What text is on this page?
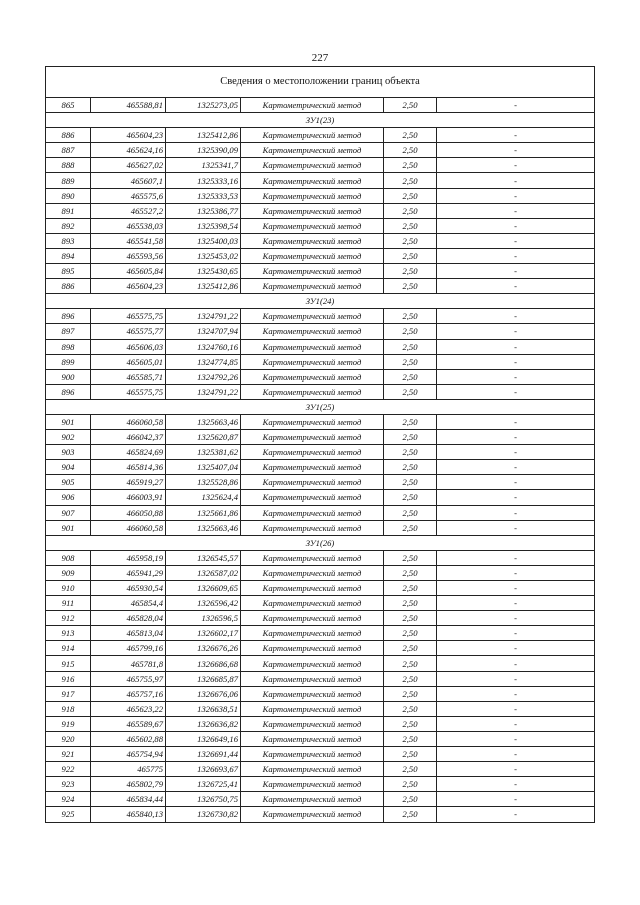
227
Сведения о местоположении границ объекта					
865	465588,81	1325273,05	Картометрический метод	2,50	-
ЗУ1(23)					
886	465604,23	1325412,86	Картометрический метод	2,50	-
887	465624,16	1325390,09	Картометрический метод	2,50	-
888	465627,02	1325341,7	Картометрический метод	2,50	-
889	465607,1	1325333,16	Картометрический метод	2,50	-
890	465575,6	1325333,53	Картометрический метод	2,50	-
891	465527,2	1325386,77	Картометрический метод	2,50	-
892	465538,03	1325398,54	Картометрический метод	2,50	-
893	465541,58	1325400,03	Картометрический метод	2,50	-
894	465593,56	1325453,02	Картометрический метод	2,50	-
895	465605,84	1325430,65	Картометрический метод	2,50	-
886	465604,23	1325412,86	Картометрический метод	2,50	-
ЗУ1(24)					
896	465575,75	1324791,22	Картометрический метод	2,50	-
897	465575,77	1324707,94	Картометрический метод	2,50	-
898	465606,03	1324760,16	Картометрический метод	2,50	-
899	465605,01	1324774,85	Картометрический метод	2,50	-
900	465585,71	1324792,26	Картометрический метод	2,50	-
896	465575,75	1324791,22	Картометрический метод	2,50	-
ЗУ1(25)					
901	466060,58	1325663,46	Картометрический метод	2,50	-
902	466042,37	1325620,87	Картометрический метод	2,50	-
903	465824,69	1325381,62	Картометрический метод	2,50	-
904	465814,36	1325407,04	Картометрический метод	2,50	-
905	465919,27	1325528,86	Картометрический метод	2,50	-
906	466003,91	1325624,4	Картометрический метод	2,50	-
907	466050,88	1325661,86	Картометрический метод	2,50	-
901	466060,58	1325663,46	Картометрический метод	2,50	-
ЗУ1(26)					
908	465958,19	1326545,57	Картометрический метод	2,50	-
909	465941,29	1326587,02	Картометрический метод	2,50	-
910	465930,54	1326609,65	Картометрический метод	2,50	-
911	465854,4	1326596,42	Картометрический метод	2,50	-
912	465828,04	1326596,5	Картометрический метод	2,50	-
913	465813,04	1326602,17	Картометрический метод	2,50	-
914	465799,16	1326676,26	Картометрический метод	2,50	-
915	465781,8	1326686,68	Картометрический метод	2,50	-
916	465755,97	1326685,87	Картометрический метод	2,50	-
917	465757,16	1326676,06	Картометрический метод	2,50	-
918	465623,22	1326638,51	Картометрический метод	2,50	-
919	465589,67	1326636,82	Картометрический метод	2,50	-
920	465602,88	1326649,16	Картометрический метод	2,50	-
921	465754,94	1326691,44	Картометрический метод	2,50	-
922	465775	1326693,67	Картометрический метод	2,50	-
923	465802,79	1326725,41	Картометрический метод	2,50	-
924	465834,44	1326750,75	Картометрический метод	2,50	-
925	465840,13	1326730,82	Картометрический метод	2,50	-
